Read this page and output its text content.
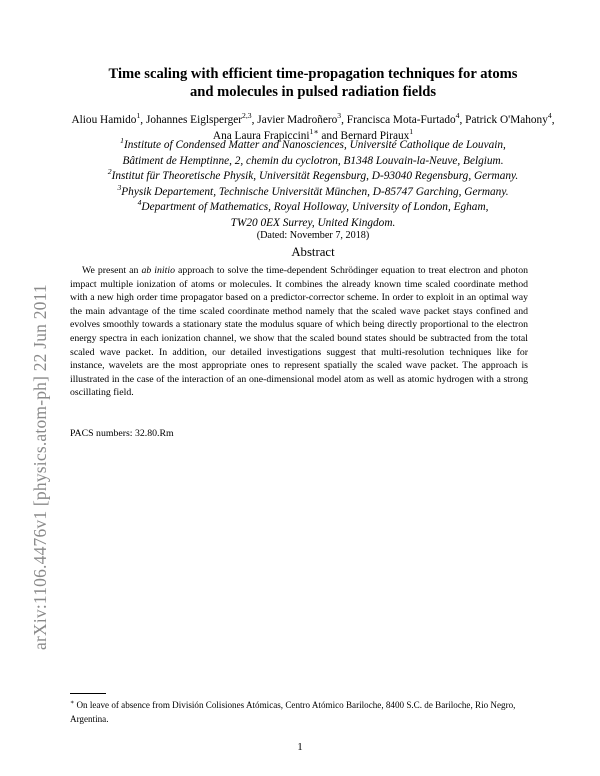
arXiv:1106.4476v1 [physics.atom-ph] 22 Jun 2011
Time scaling with efficient time-propagation techniques for atoms
and molecules in pulsed radiation fields
Aliou Hamido$^1$, Johannes Eiglsperger$^{2,3}$, Javier Madroñero$^3$, Francisca Mota-Furtado$^4$, Patrick O'Mahony$^4$, Ana Laura Frapiccini$^{1∗}$ and Bernard Piraux$^1$
$^1$Institute of Condensed Matter and Nanosciences, Université Catholique de Louvain,
Bâtiment de Hemptinne, 2, chemin du cyclotron, B1348 Louvain-la-Neuve, Belgium.
$^2$Institut für Theoretische Physik, Universität Regensburg, D-93040 Regensburg, Germany.
$^3$Physik Departement, Technische Universität München, D-85747 Garching, Germany.
$^4$Department of Mathematics, Royal Holloway, University of London, Egham,
TW20 0EX Surrey, United Kingdom.
(Dated: November 7, 2018)
Abstract

We present an ab initio approach to solve the time-dependent Schrödinger equation to treat electron and photon impact multiple ionization of atoms or molecules. It combines the already known time scaled coordinate method with a new high order time propagator based on a predictor-corrector scheme. In order to exploit in an optimal way the main advantage of the time scaled coordinate method namely that the scaled wave packet stays confined and evolves smoothly towards a stationary state the modulus square of which being directly proportional to the electron energy spectra in each ionization channel, we show that the scaled bound states should be subtracted from the total scaled wave packet. In addition, our detailed investigations suggest that multi-resolution techniques like for instance, wavelets are the most appropriate ones to represent spatially the scaled wave packet. The approach is illustrated in the case of the interaction of an one-dimensional model atom as well as atomic hydrogen with a strong oscillating field.

PACS numbers: 32.80.Rm
∗ On leave of absence from División Colisiones Atómicas, Centro Atómico Bariloche, 8400 S.C. de Bariloche, Rio Negro, Argentina.
1
